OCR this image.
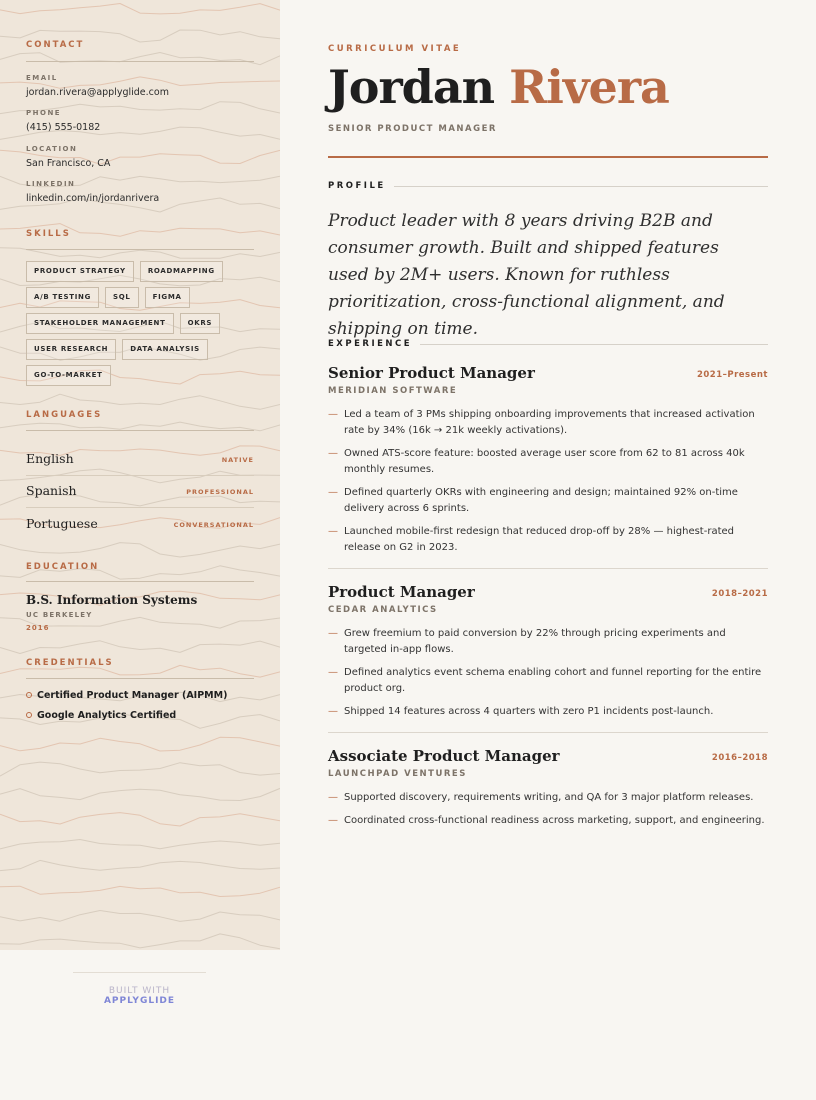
CONTACT
EMAIL
jordan.rivera@applyglide.com
PHONE
(415) 555-0182
LOCATION
San Francisco, CA
LINKEDIN
linkedin.com/in/jordanrivera
SKILLS
PRODUCT STRATEGY	ROADMAPPING
A/B TESTING	SQL	FIGMA
STAKEHOLDER MANAGEMENT	OKRS
USER RESEARCH	DATA ANALYSIS
GO-TO-MARKET
LANGUAGES
English	NATIVE
Spanish	PROFESSIONAL
Portuguese	CONVERSATIONAL
EDUCATION
B.S. Information Systems
UC BERKELEY
2016
CREDENTIALS
Certified Product Manager (AIPMM)
Google Analytics Certified
BUILT WITH APPLYGLIDE
CURRICULUM VITAE
Jordan Rivera
SENIOR PRODUCT MANAGER
PROFILE
Product leader with 8 years driving B2B and consumer growth. Built and shipped features used by 2M+ users. Known for ruthless prioritization, cross-functional alignment, and shipping on time.
EXPERIENCE
Senior Product Manager	2021–Present
MERIDIAN SOFTWARE
— Led a team of 3 PMs shipping onboarding improvements that increased activation rate by 34% (16k → 21k weekly activations).
— Owned ATS-score feature: boosted average user score from 62 to 81 across 40k monthly resumes.
— Defined quarterly OKRs with engineering and design; maintained 92% on-time delivery across 6 sprints.
— Launched mobile-first redesign that reduced drop-off by 28% — highest-rated release on G2 in 2023.
Product Manager	2018–2021
CEDAR ANALYTICS
— Grew freemium to paid conversion by 22% through pricing experiments and targeted in-app flows.
— Defined analytics event schema enabling cohort and funnel reporting for the entire product org.
— Shipped 14 features across 4 quarters with zero P1 incidents post-launch.
Associate Product Manager	2016–2018
LAUNCHPAD VENTURES
— Supported discovery, requirements writing, and QA for 3 major platform releases.
— Coordinated cross-functional readiness across marketing, support, and engineering.
